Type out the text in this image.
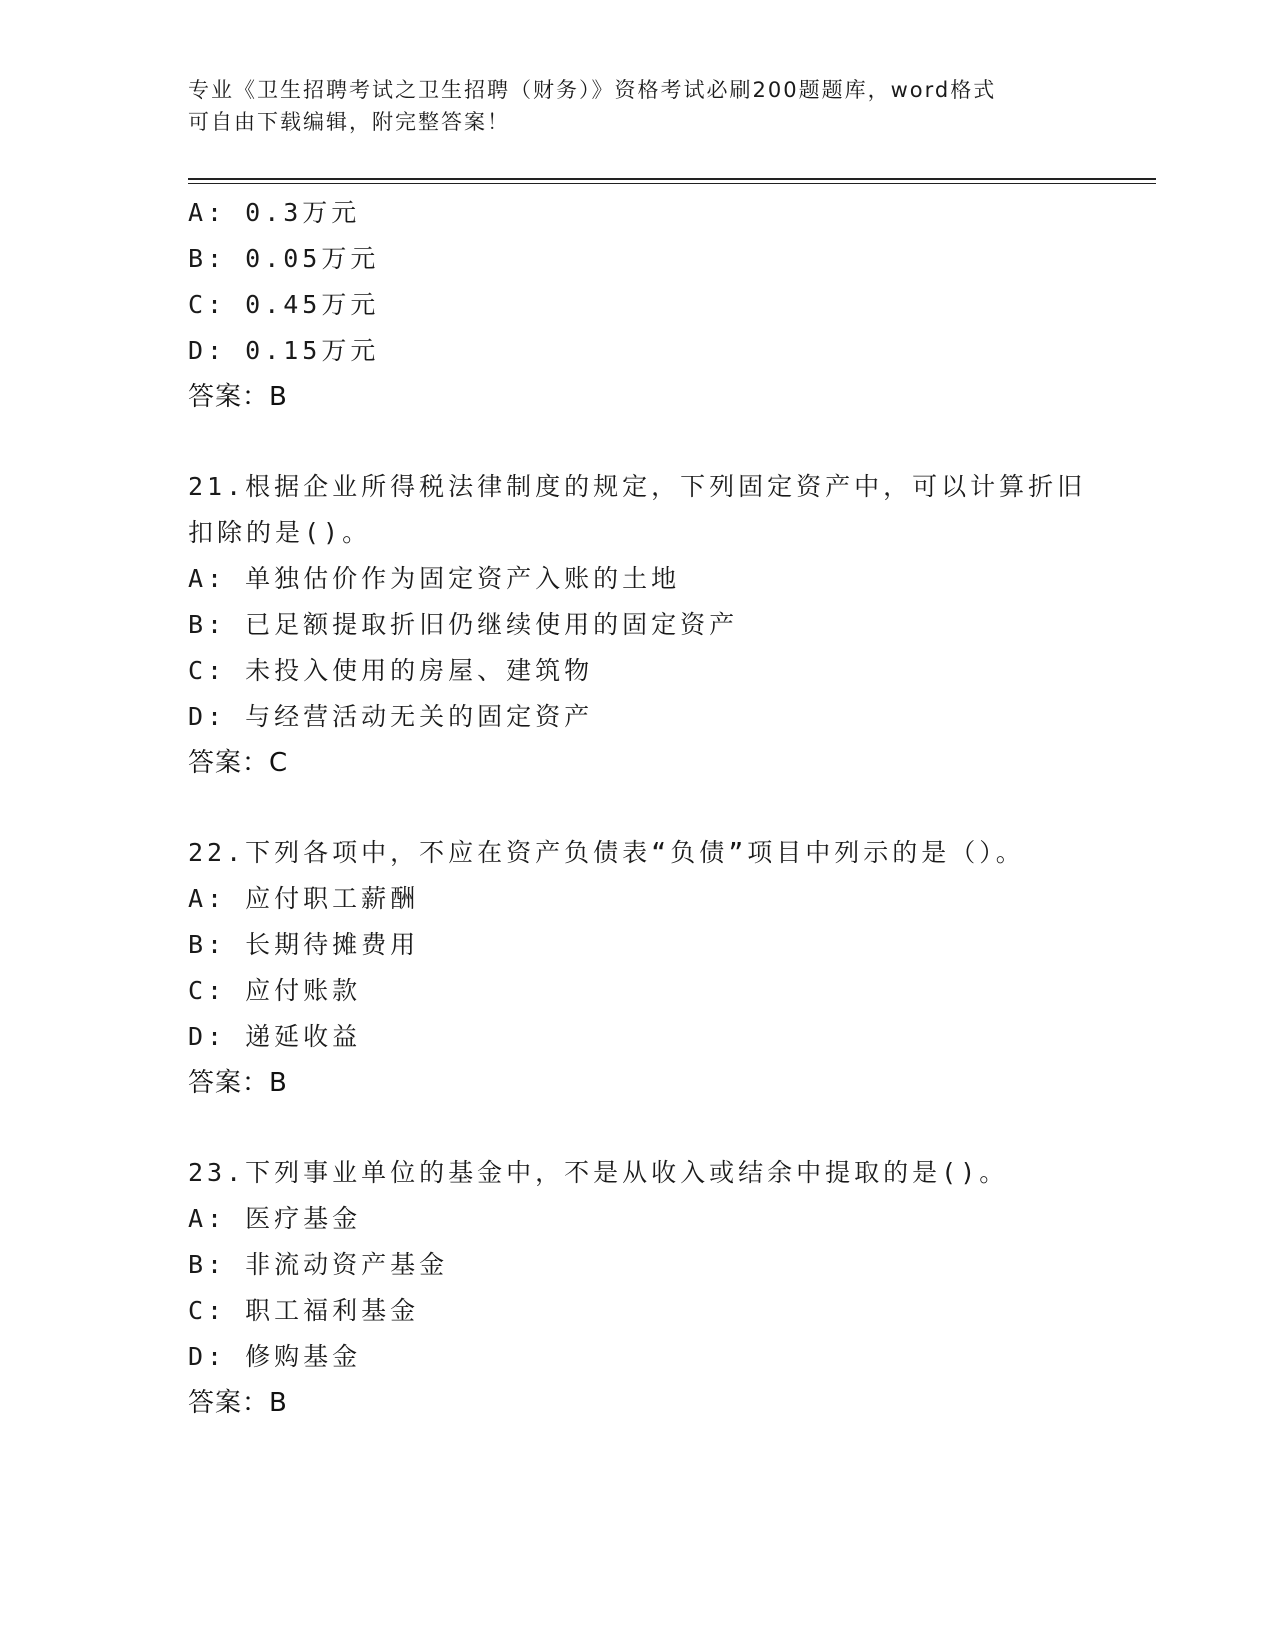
专业《卫生招聘考试之卫生招聘（财务）》资格考试必刷200题题库，word格式
可自由下载编辑，附完整答案！
A: 0.3万元
B: 0.05万元
C: 0.45万元
D: 0.15万元
答案：B
21.根据企业所得税法律制度的规定，下列固定资产中，可以计算折旧
扣除的是()。
A: 单独估价作为固定资产入账的土地
B: 已足额提取折旧仍继续使用的固定资产
C: 未投入使用的房屋、建筑物
D: 与经营活动无关的固定资产
答案：C
22.下列各项中，不应在资产负债表“负债”项目中列示的是（）。
A: 应付职工薪酬
B: 长期待摊费用
C: 应付账款
D: 递延收益
答案：B
23.下列事业单位的基金中，不是从收入或结余中提取的是()。
A: 医疗基金
B: 非流动资产基金
C: 职工福利基金
D: 修购基金
答案：B
